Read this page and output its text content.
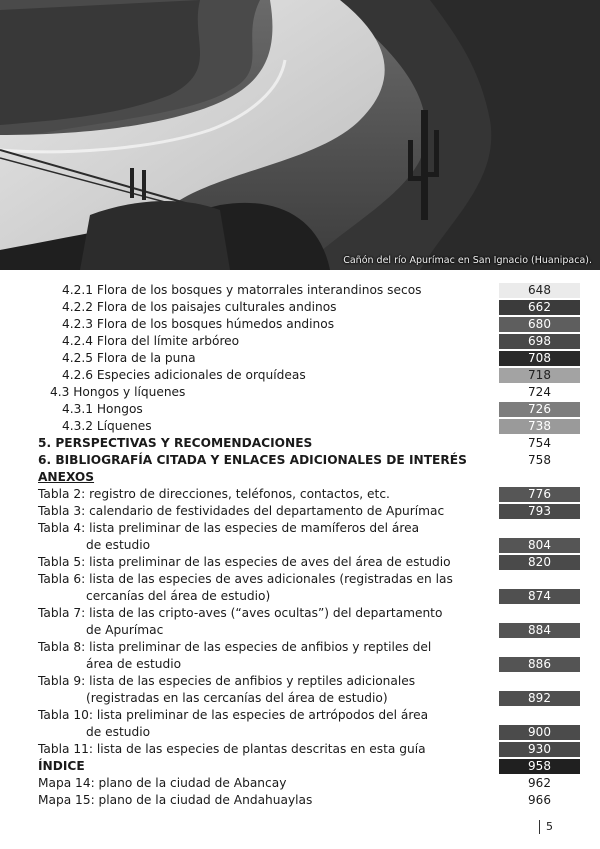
Cañón del río Apurímac en San Ignacio (Huanipaca).
4.2.1 Flora de los bosques y matorrales interandinos secos	648
4.2.2 Flora de los paisajes culturales andinos	662
4.2.3 Flora de los bosques húmedos andinos	680
4.2.4 Flora del límite arbóreo	698
4.2.5 Flora de la puna	708
4.2.6 Especies adicionales de orquídeas	718
4.3 Hongos y líquenes	724
4.3.1 Hongos	726
4.3.2 Líquenes	738
5. PERSPECTIVAS Y RECOMENDACIONES	754
6. BIBLIOGRAFÍA CITADA Y ENLACES ADICIONALES DE INTERÉS	758
ANEXOS
Tabla 2: registro de direcciones, teléfonos, contactos, etc.	776
Tabla 3: calendario de festividades del departamento de Apurímac	793
Tabla 4: lista preliminar de las especies de mamíferos del área
de estudio	804
Tabla 5: lista preliminar de las especies de aves del área de estudio	820
Tabla 6: lista de las especies de aves adicionales (registradas en las
cercanías del área de estudio)	874
Tabla 7: lista de las cripto-aves (“aves ocultas”) del departamento
de Apurímac	884
Tabla 8: lista preliminar de las especies de anfibios y reptiles del
área de estudio	886
Tabla 9: lista de las especies de anfibios y reptiles adicionales
(registradas en las cercanías del área de estudio)	892
Tabla 10: lista preliminar de las especies de artrópodos del área
de estudio	900
Tabla 11: lista de las especies de plantas descritas en esta guía	930
ÍNDICE	958
Mapa 14: plano de la ciudad de Abancay	962
Mapa 15: plano de la ciudad de Andahuaylas	966
5
